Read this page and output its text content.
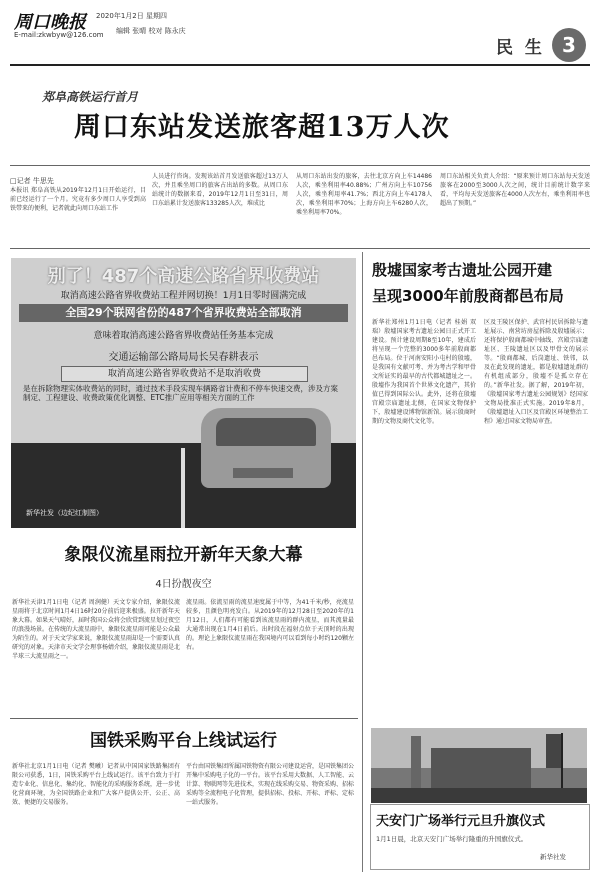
周口晚报
E-mail:zkwbyw@126.com
2020年1月2日 星期四
编辑 张晴 校对 陈永庆
民 生 3
郑阜高铁运行首月
周口东站发送旅客超13万人次
□记者 牛思先
本报讯 郑阜高铁从2019年12月1日开始运行，目前已经运行了一个月。究竟有多少周口人享受到高铁带来的便利，记者就此向周口东站工作
人员进行咨询。发现该站首月发送旅客超过13万人次，并且乘坐周口的旅客占出站的多数。从周口东站统计的数据来看，2019年12月1日至31日，周口东站累计发送旅客133285人次，堆成比
从周口东站出发的旅客，去往北京方向上车14486人次，乘坐利用率40.88%；广州方向上车10756人次，乘坐利用率41.7%；西北方向上车4178人次，乘坐利用率70%；上海方向上车6280人次，乘坐利用率70%。
周口东站相关负责人介绍：“原来预计周口东站每天发送旅客在2000至3000人次之间，统计目前统计数字来看，平均每天发送旅客在4000人次左右，乘坐利用率也超出了预期。”
别了！487个高速公路省界收费站
取消高速公路省界收费站工程并网切换！1月1日零时圆满完成
全国29个联网省份的487个省界收费站全部取消
意味着取消高速公路省界收费站任务基本完成
交通运输部公路局局长吴春耕表示
取消高速公路省界收费站不是取消收费
是在拆除物理实体收费站的同时，通过技术手段实现车辆路省计费和不停车快速交费，涉及方案制定、工程建设、收费政策优化调整、ETC推广应用等相关方面的工作
新华社发（边纪红制图）
象限仪流星雨拉开新年天象大幕
4日扮靓夜空
新华社天津1月1日电（记者 周润健）天文专家介绍，象限仪流星雨将于北京时间1月4日16时20分前后迎来极盛。拉开新年天象大幕。如果天气晴好，届时我国公众将会欣赏到流星划过夜空的浪漫场景。在传统的大流星雨中，象限仪流星雨可能是公众最为陌生的。对于天文学家来说，象限仪流星雨却是一个需要认真研究的对象。天津市天文学会理事杨婧介绍，象限仪流星雨是北半球三大流星雨之一。
流星雨。依流星雨的流星速度属于中等，为41千米/秒，亮流星较多，且颜色明亮发白。从2019年的12月28日至2020年的1月12日，人们都有可能看到该流星雨的群内流星，而其流量最大通常出现在1月4日前后。出时段在福射点位于天顶时的出现的。理论上象限仪流星雨在我国境内可以看到每小时约120颗左右。
国铁采购平台上线试运行
新华社北京1月1日电（记者 樊曦）记者从中国国家铁路集团有限公司获悉，1日，国铁采购平台上线试运行。该平台致力于打造专业化、信息化、集约化、智能化的采购服务系统，进一步优化营商环境，为全国铁路企业和广大客户提供公开、公正、高效、便捷的交易服务。
平台由国铁集团所属国铁物资有限公司建设运营，是国铁集团公开集中采购电子化的一平台。该平台采用大数据、人工智能、云计算、物联网等先进技术，实现在线采购交易、物资采购、招标采购等全流程电子化管理，提供招标、投标、开标、评标、定标一站式服务。
殷墟国家考古遗址公园开建
呈现3000年前殷商都邑布局
新华社郑州1月1日电（记者 桂娟 双瑞）殷墟国家考古遗址公园日正式开工建设。预计建设周期8至10年，建成后将呈现一个完整的3000多年前殷商都邑布局。位于河南安阳小屯村的殷墟，是我国有文献可考、并为考古学和甲骨文所证实的最早的古代都城遗址之一。殷墟作为我国首个世界文化遗产，其价值已得到国际公认。此外，还将在殷墟宫殿宗庙遗址北侧，在国家文物保护下，殷墟建设博物馆新馆。展示殷商时期的文物及商代文化等。
区及王陵区保护、武官村民居拆除与遗址展示、南营坊房屋拆除及殷墟展示；还将保护殷商都城中轴线、宫殿宗庙遗址区、王陵遗址区以及甲骨文的展示等。“殷商都城、后岗遗址、铁邻，以及在此发现的遗址，都是殷墟遗址群的有机组成部分，殷墟不是孤立存在的。”新华社发。据了解，2019年初，《殷墟国家考古遗址公园规划》经国家文物局批准正式实施。2019年8月，《殷墟遗址入口区及宫殿区环境整治工程》通过国家文物局审查。
天安门广场举行元旦升旗仪式
1月1日晨，北京天安门广场举行隆重的升国旗仪式。
新华社发
